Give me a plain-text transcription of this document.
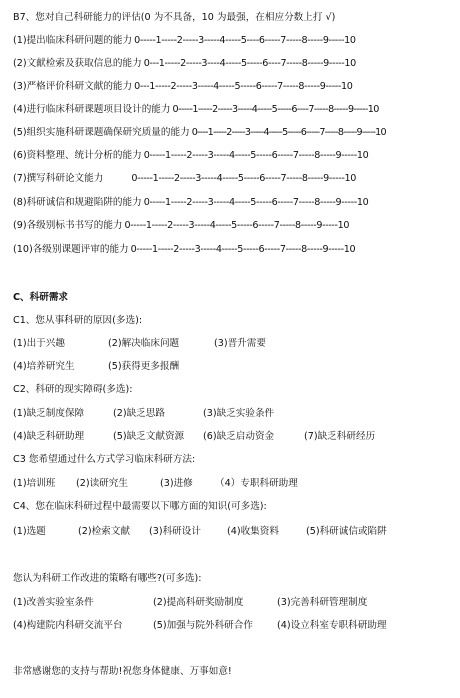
B7、您对自己科研能力的评估(0 为不具备，10 为最强，在相应分数上打 √)
(1)提出临床科研问题的能力 0-----1-----2-----3-----4-----5----6-----7-----8-----9-----10
(2)文献检索及获取信息的能力 0---1-----2-----3----4-----5-----6----7-----8-----9-----10
(3)严格评价科研文献的能力 0---1-----2-----3-----4-----5-----6-----7-----8-----9-----10
(4)进行临床科研课题项目设计的能力 0-----1-----2-----3-----4-----5-----6----7-----8-----9-----10
(5)组织实施科研课题确保研究质量的能力 0----1-----2-----3-----4-----5-----6-----7-----8-----9-----10
(6)资料整理、统计分析的能力 0-----1-----2-----3-----4-----5-----6-----7-----8-----9-----10
(7)撰写科研论文能力	0-----1-----2-----3-----4-----5-----6-----7-----8-----9-----10
(8)科研诚信和规避陷阱的能力 0-----1-----2-----3-----4-----5-----6-----7-----8-----9-----10
(9)各级别标书书写的能力 0-----1-----2-----3-----4-----5-----6-----7-----8-----9-----10
(10)各级别课题评审的能力 0-----1-----2-----3-----4-----5-----6-----7-----8-----9-----10
C、科研需求
C1、您从事科研的原因(多选):
(1)出于兴趣	(2)解决临床问题	(3)晋升需要
(4)培养研究生	(5)获得更多报酬
C2、科研的现实障碍(多选):
(1)缺乏制度保障	(2)缺乏思路	(3)缺乏实验条件
(4)缺乏科研助理	(5)缺乏文献资源 (6)缺乏启动资金	(7)缺乏科研经历
C3 您希望通过什么方式学习临床科研方法:
(1)培训班 (2)读研究生	(3)进修 （4）专职科研助理
C4、您在临床科研过程中最需要以下哪方面的知识(可多选):
(1)选题	(2)检索文献 (3)科研设计	(4)收集资料	(5)科研诚信或陷阱
您认为科研工作改进的策略有哪些?(可多选):
(1)改善实验室条件	(2)提高科研奖励制度	(3)完善科研管理制度
(4)构建院内科研交流平台	(5)加强与院外科研合作	(4)设立科室专职科研助理
非常感谢您的支持与帮助!祝您身体健康、万事如意!
